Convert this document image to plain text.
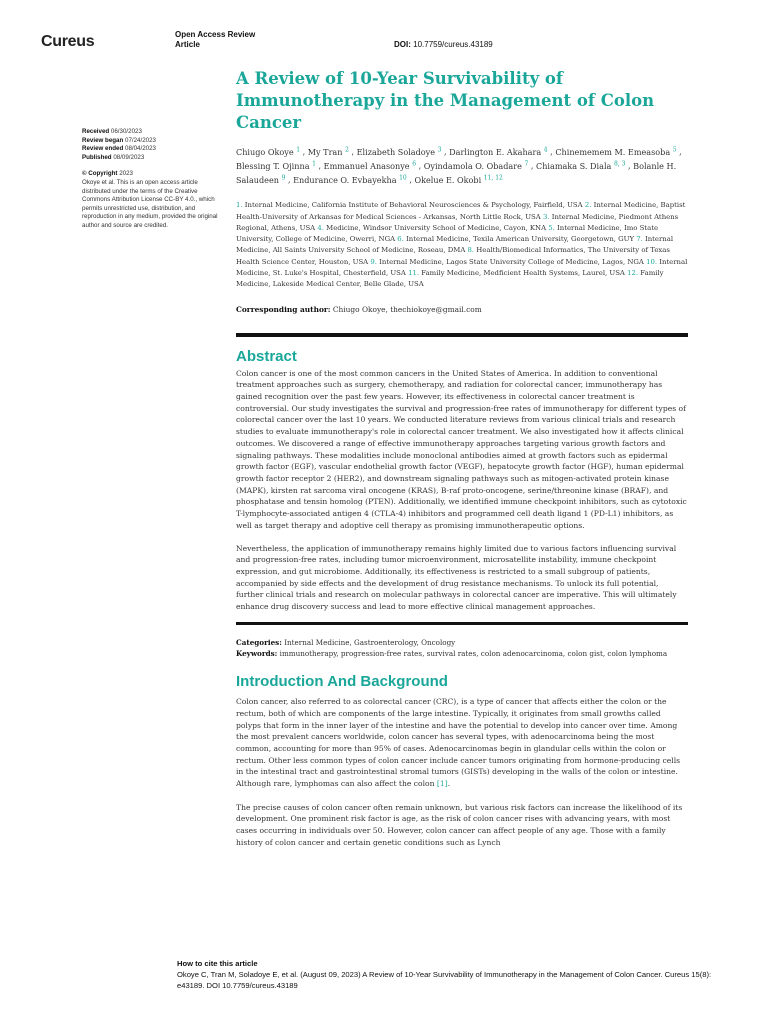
Cureus	Open Access Review
Article	DOI: 10.7759/cureus.43189
Received 06/30/2023
Review began 07/24/2023
Review ended 08/04/2023
Published 08/09/2023
© Copyright 2023
Okoye et al. This is an open access article distributed under the terms of the Creative Commons Attribution License CC-BY 4.0., which permits unrestricted use, distribution, and reproduction in any medium, provided the original author and source are credited.
A Review of 10-Year Survivability of Immunotherapy in the Management of Colon Cancer
Chiugo Okoye $^1$ , My Tran $^2$ , Elizabeth Soladoye $^3$ , Darlington E. Akahara $^4$ , Chinememem M. Emeasoba $^5$ , Blessing T. Ojinna $^1$ , Emmanuel Anasonye $^6$ , Oyindamola O. Obadare $^7$ , Chiamaka S. Diala $^{8, 3}$ , Bolanle H. Salaudeen $^9$ , Endurance O. Evbayekha $^{10}$ , Okelue E. Okobi $^{11, 12}$
1. Internal Medicine, California Institute of Behavioral Neurosciences & Psychology, Fairfield, USA 2. Internal Medicine, Baptist Health-University of Arkansas for Medical Sciences - Arkansas, North Little Rock, USA 3. Internal Medicine, Piedmont Athens Regional, Athens, USA 4. Medicine, Windsor University School of Medicine, Cayon, KNA 5. Internal Medicine, Imo State University, College of Medicine, Owerri, NGA 6. Internal Medicine, Texila American University, Georgetown, GUY 7. Internal Medicine, All Saints University School of Medicine, Roseau, DMA 8. Health/Biomedical Informatics, The University of Texas Health Science Center, Houston, USA 9. Internal Medicine, Lagos State University College of Medicine, Lagos, NGA 10. Internal Medicine, St. Luke's Hospital, Chesterfield, USA 11. Family Medicine, Medficient Health Systems, Laurel, USA 12. Family Medicine, Lakeside Medical Center, Belle Glade, USA
Corresponding author: Chiugo Okoye, thechiokoye@gmail.com
Abstract

Colon cancer is one of the most common cancers in the United States of America. In addition to conventional treatment approaches such as surgery, chemotherapy, and radiation for colorectal cancer, immunotherapy has gained recognition over the past few years. However, its effectiveness in colorectal cancer treatment is controversial. Our study investigates the survival and progression-free rates of immunotherapy for different types of colorectal cancer over the last 10 years. We conducted literature reviews from various clinical trials and research studies to evaluate immunotherapy's role in colorectal cancer treatment. We also investigated how it affects clinical outcomes. We discovered a range of effective immunotherapy approaches targeting various growth factors and signaling pathways. These modalities include monoclonal antibodies aimed at growth factors such as epidermal growth factor (EGF), vascular endothelial growth factor (VEGF), hepatocyte growth factor (HGF), human epidermal growth factor receptor 2 (HER2), and downstream signaling pathways such as mitogen-activated protein kinase (MAPK), kirsten rat sarcoma viral oncogene (KRAS), B-raf proto-oncogene, serine/threonine kinase (BRAF), and phosphatase and tensin homolog (PTEN). Additionally, we identified immune checkpoint inhibitors, such as cytotoxic T-lymphocyte-associated antigen 4 (CTLA-4) inhibitors and programmed cell death ligand 1 (PD-L1) inhibitors, as well as target therapy and adoptive cell therapy as promising immunotherapeutic options.

Nevertheless, the application of immunotherapy remains highly limited due to various factors influencing survival and progression-free rates, including tumor microenvironment, microsatellite instability, immune checkpoint expression, and gut microbiome. Additionally, its effectiveness is restricted to a small subgroup of patients, accompanied by side effects and the development of drug resistance mechanisms. To unlock its full potential, further clinical trials and research on molecular pathways in colorectal cancer are imperative. This will ultimately enhance drug discovery success and lead to more effective clinical management approaches.

Categories: Internal Medicine, Gastroenterology, Oncology
Keywords: immunotherapy, progression-free rates, survival rates, colon adenocarcinoma, colon gist, colon lymphoma
Introduction And Background

Colon cancer, also referred to as colorectal cancer (CRC), is a type of cancer that affects either the colon or the rectum, both of which are components of the large intestine. Typically, it originates from small growths called polyps that form in the inner layer of the intestine and have the potential to develop into cancer over time. Among the most prevalent cancers worldwide, colon cancer has several types, with adenocarcinoma being the most common, accounting for more than 95% of cases. Adenocarcinomas begin in glandular cells within the colon or rectum. Other less common types of colon cancer include cancer tumors originating from hormone-producing cells in the intestinal tract and gastrointestinal stromal tumors (GISTs) developing in the walls of the colon or intestine. Although rare, lymphomas can also affect the colon [1].

The precise causes of colon cancer often remain unknown, but various risk factors can increase the likelihood of its development. One prominent risk factor is age, as the risk of colon cancer rises with advancing years, with most cases occurring in individuals over 50. However, colon cancer can affect people of any age. Those with a family history of colon cancer and certain genetic conditions such as Lynch

How to cite this article
Okoye C, Tran M, Soladoye E, et al. (August 09, 2023) A Review of 10-Year Survivability of Immunotherapy in the Management of Colon Cancer. Cureus 15(8): e43189. DOI 10.7759/cureus.43189
